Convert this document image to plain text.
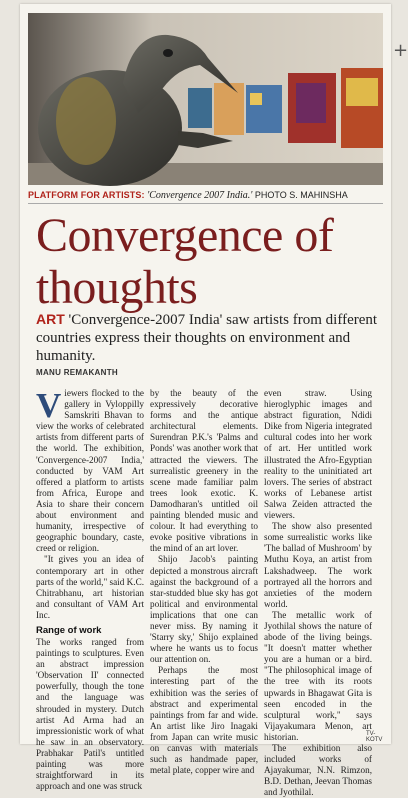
+
PLATFORM FOR ARTISTS: 'Convergence 2007 India.' PHOTO S. MAHINSHA
Convergence of thoughts

ART 'Convergence-2007 India' saw artists from different countries express their thoughts on environment and humanity.

MANU REMAKANTH

Viewers flocked to the gallery in Vyloppilly Samskriti Bhavan to view the works of celebrated artists from different parts of the world. The exhibition, 'Convergence-2007 India,' conducted by VAM Art offered a platform to artists from Africa, Europe and Asia to share their concern about environment and humanity, irrespective of geographic boundary, caste, creed or religion.

"It gives you an idea of contemporary art in other parts of the world," said K.C. Chitrabhanu, art historian and consultant of VAM Art Inc.

Range of work

The works ranged from paintings to sculptures. Even an abstract impression 'Observation II' connected powerfully, though the tone and the language was shrouded in mystery. Dutch artist Ad Arma had an impressionistic work of what he saw in an observatory. Prabhakar Patil's untitled painting was more straightforward in its approach and one was struck

by the beauty of the expressively decorative forms and the antique architectural elements. Surendran P.K.'s 'Palms and Ponds' was another work that attracted the viewers. The surrealistic greenery in the scene made familiar palm trees look exotic. K. Damodharan's untitled oil painting blended music and colour. It had everything to evoke positive vibrations in the mind of an art lover.

Shijo Jacob's painting depicted a monstrous aircraft against the background of a star-studded blue sky has got political and environmental implications that one can never miss. By naming it 'Starry sky,' Shijo explained where he wants us to focus our attention on.

Perhaps the most interesting part of the exhibition was the series of abstract and experimental paintings from far and wide. An artist like Jiro Inagaki from Japan can write music on canvas with materials such as handmade paper, metal plate, copper wire and

even straw. Using hieroglyphic images and abstract figuration, Ndidi Dike from Nigeria integrated cultural codes into her work of art. Her untitled work illustrated the Afro-Egyptian reality to the uninitiated art lovers. The series of abstract works of Lebanese artist Salwa Zeiden attracted the viewers.

The show also presented some surrealistic works like 'The ballad of Mushroom' by Muthu Koya, an artist from Lakshadweep. The work portrayed all the horrors and anxieties of the modern world.

The metallic work of Jyothilal shows the nature of abode of the living beings. "It doesn't matter whether you are a human or a bird. "The philosophical image of the tree with its roots upwards in Bhagawat Gita is seen encoded in the sculptural work," says Vijayakumara Menon, art historian.

The exhibition also included works of Ajayakumar, N.N. Rimzon, B.D. Dethan, Jeevan Thomas and Jyothilal.

TV-KOTV
